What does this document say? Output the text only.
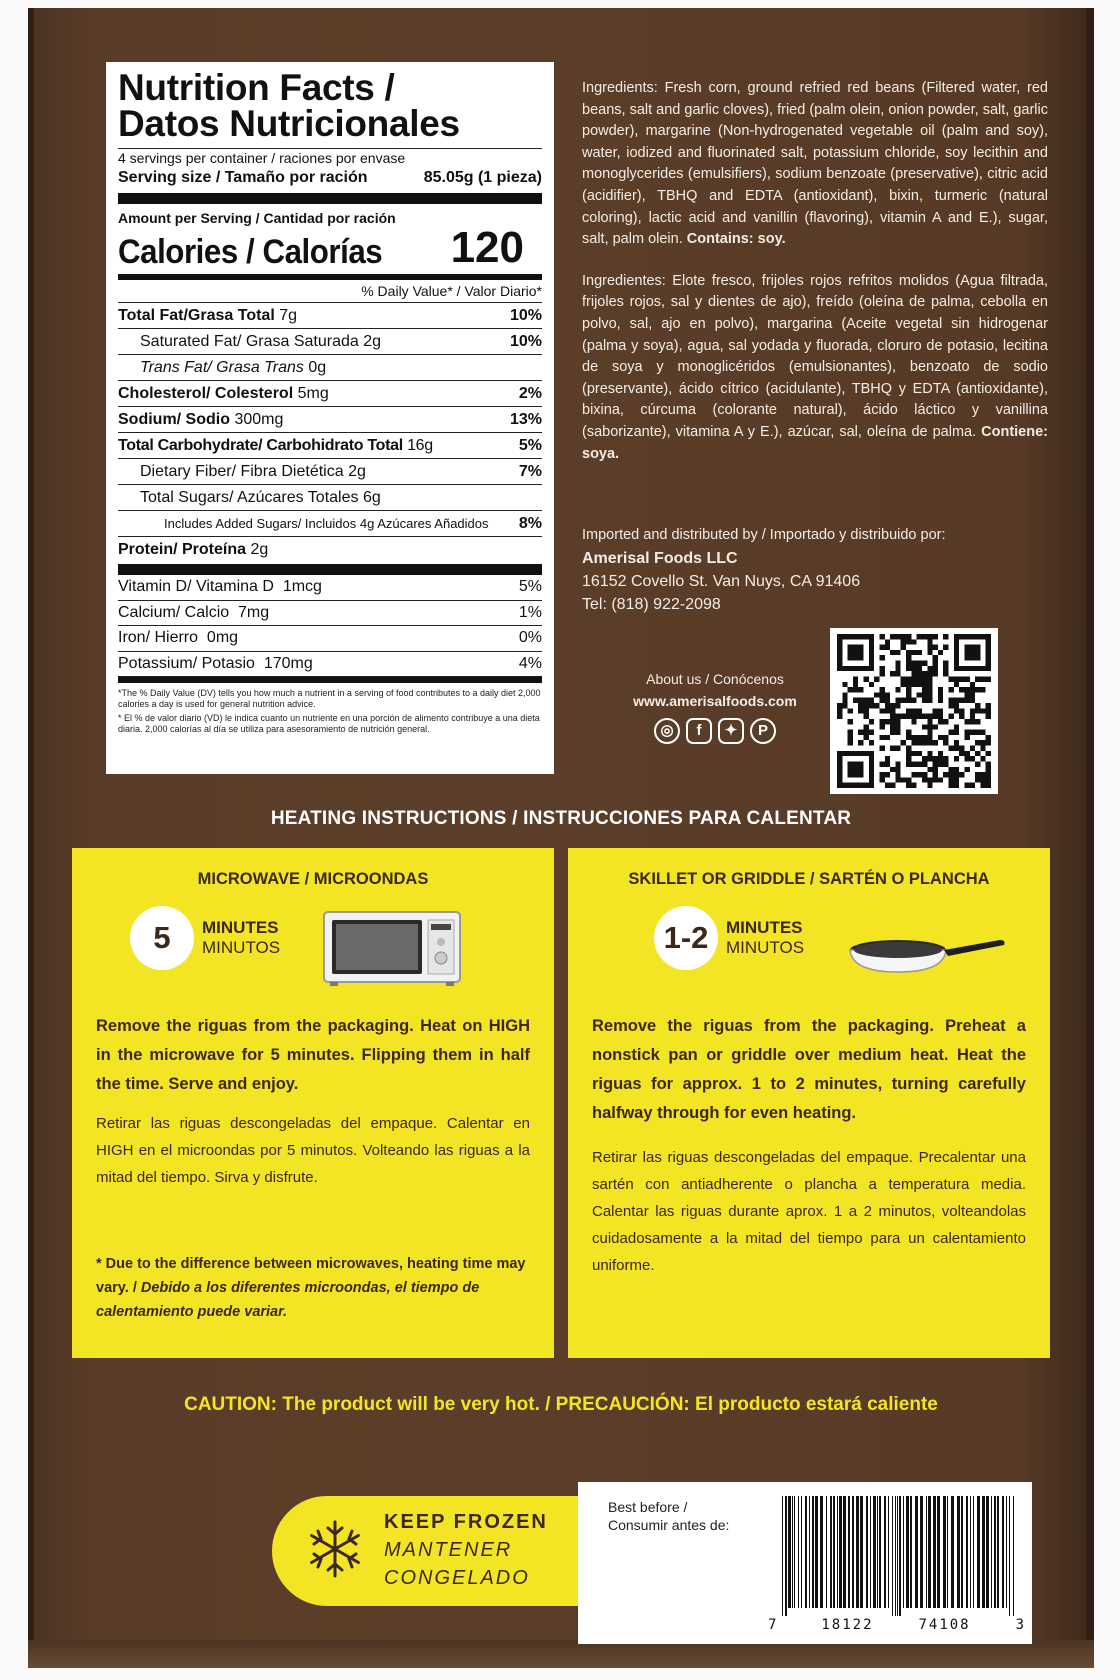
Nutrition Facts /
Datos Nutricionales
4 servings per container / raciones por envase
Serving size / Tamaño por ración	85.05g (1 pieza)
Amount per Serving / Cantidad por ración
Calories / Calorías 120
% Daily Value* / Valor Diario*
Total Fat/Grasa Total 7g	10%
Saturated Fat/ Grasa Saturada 2g	10%
Trans Fat/ Grasa Trans 0g
Cholesterol/ Colesterol 5mg	2%
Sodium/ Sodio 300mg	13%
Total Carbohydrate/ Carbohidrato Total 16g	5%
Dietary Fiber/ Fibra Dietética 2g	7%
Total Sugars/ Azúcares Totales 6g
Includes Added Sugars/ Incluidos 4g Azúcares Añadidos 8%
Protein/ Proteína 2g
Vitamin D/ Vitamina D 1mcg	5%
Calcium/ Calcio 7mg	1%
Iron/ Hierro 0mg	0%
Potassium/ Potasio 170mg	4%
*The % Daily Value (DV) tells you how much a nutrient in a serving of food contributes to a daily diet 2,000 calories a day is used for general nutrition advice.
* El % de valor diario (VD) le indica cuanto un nutriente en una porción de alimento contribuye a una dieta diaria. 2,000 calorías al día se utiliza para asesoramiento de nutrición general.

Ingredients: Fresh corn, ground refried red beans (Filtered water, red beans, salt and garlic cloves), fried (palm olein, onion powder, salt, garlic powder), margarine (Non-hydrogenated vegetable oil (palm and soy), water, iodized and fluorinated salt, potassium chloride, soy lecithin and monoglycerides (emulsifiers), sodium benzoate (preservative), citric acid (acidifier), TBHQ and EDTA (antioxidant), bixin, turmeric (natural coloring), lactic acid and vanillin (flavoring), vitamin A and E.), sugar, salt, palm olein. Contains: soy.

Ingredientes: Elote fresco, frijoles rojos refritos molidos (Agua filtrada, frijoles rojos, sal y dientes de ajo), freído (oleína de palma, cebolla en polvo, sal, ajo en polvo), margarina (Aceite vegetal sin hidrogenar (palma y soya), agua, sal yodada y fluorada, cloruro de potasio, lecitina de soya y monoglicéridos (emulsionantes), benzoato de sodio (preservante), ácido cítrico (acidulante), TBHQ y EDTA (antioxidante), bixina, cúrcuma (colorante natural), ácido láctico y vanillina (saborizante), vitamina A y E.), azúcar, sal, oleína de palma. Contiene: soya.

Imported and distributed by / Importado y distribuido por:
Amerisal Foods LLC
16152 Covello St. Van Nuys, CA 91406
Tel: (818) 922-2098
About us / Conócenos
www.amerisalfoods.com
◎	f	✦	P
HEATING INSTRUCTIONS / INSTRUCCIONES PARA CALENTAR
MICROWAVE / MICROONDAS
5	MINUTES
MINUTOS
Remove the riguas from the packaging. Heat on HIGH in the microwave for 5 minutes. Flipping them in half the time. Serve and enjoy.
Retirar las riguas descongeladas del empaque. Calentar en HIGH en el microondas por 5 minutos. Volteando las riguas a la mitad del tiempo. Sirva y disfrute.
* Due to the difference between microwaves, heating time may vary. / Debido a los diferentes microondas, el tiempo de calentamiento puede variar.
SKILLET OR GRIDDLE / SARTÉN O PLANCHA
1-2	MINUTES
MINUTOS
Remove the riguas from the packaging. Preheat a nonstick pan or griddle over medium heat. Heat the riguas for approx. 1 to 2 minutes, turning carefully halfway through for even heating.
Retirar las riguas descongeladas del empaque. Precalentar una sartén con antiadherente o plancha a temperatura media. Calentar las riguas durante aprox. 1 a 2 minutos, volteandolas cuidadosamente a la mitad del tiempo para un calentamiento uniforme.
CAUTION: The product will be very hot. / PRECAUCIÓN: El producto estará caliente
KEEP FROZEN
MANTENER
CONGELADO
Best before /
Consumir antes de:
7	18122	74108	3
